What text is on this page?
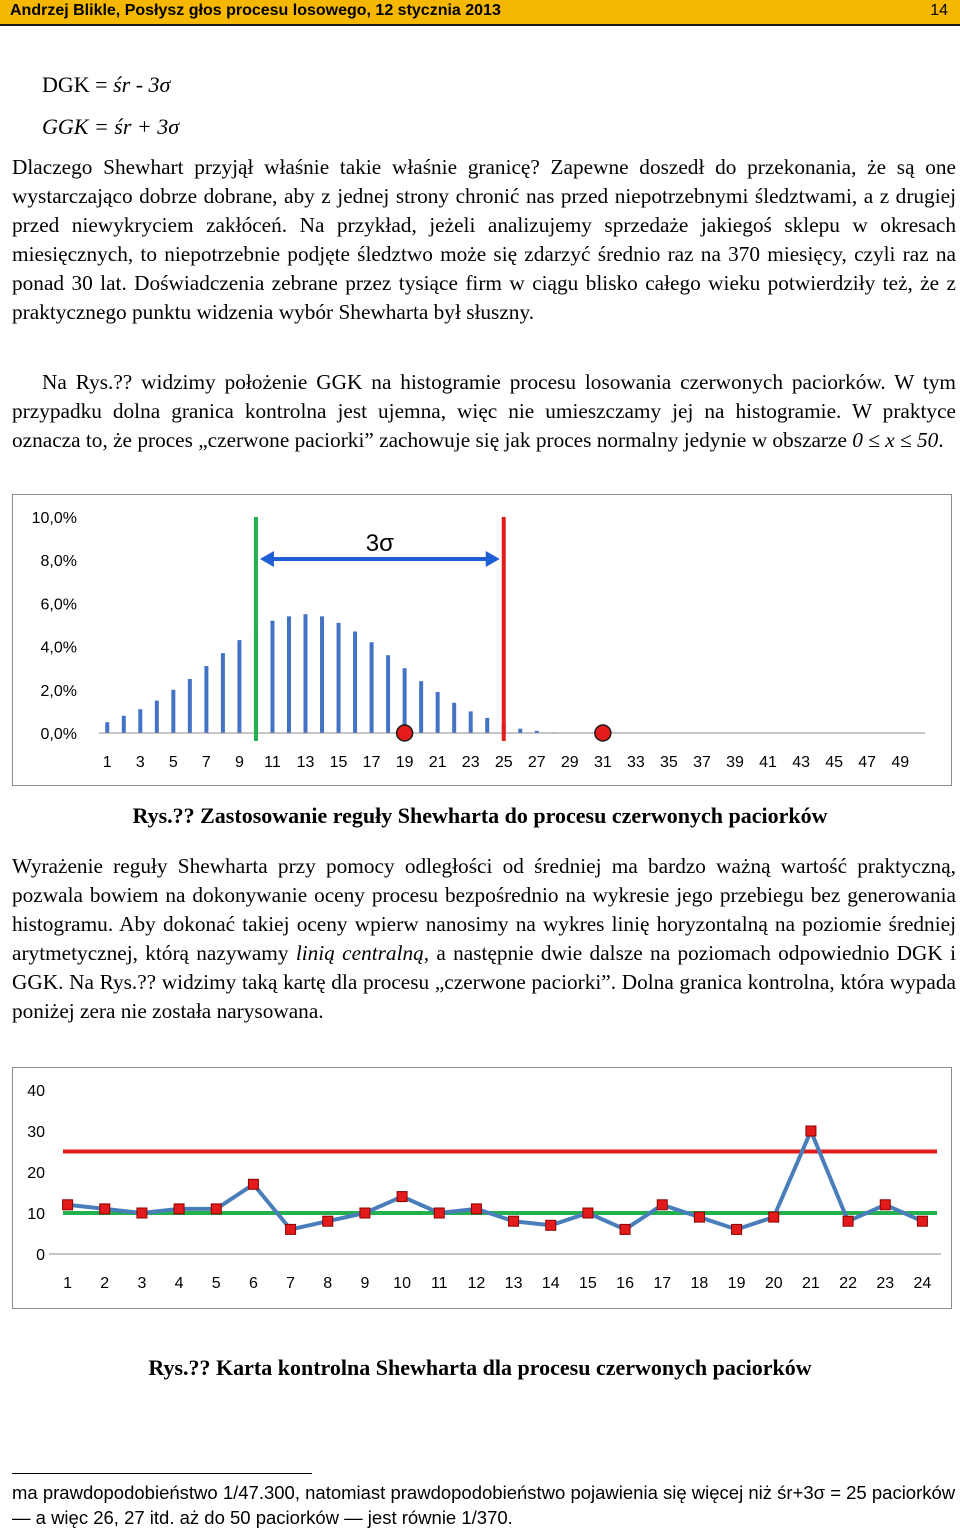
Andrzej Blikle, Posłysz głos procesu losowego, 12 stycznia 2013	14
DGK = śr - 3σ
GGK = śr + 3σ
Dlaczego Shewhart przyjął właśnie takie właśnie granicę? Zapewne doszedł do przekonania, że są one wystarczająco dobrze dobrane, aby z jednej strony chronić nas przed niepotrzebnymi śledztwami, a z drugiej przed niewykryciem zakłóceń. Na przykład, jeżeli analizujemy sprzedaże jakiegoś sklepu w okresach miesięcznych, to niepotrzebnie podjęte śledztwo może się zdarzyć średnio raz na 370 miesięcy, czyli raz na ponad 30 lat. Doświadczenia zebrane przez tysiące firm w ciągu blisko całego wieku potwierdziły też, że z praktycznego punktu widzenia wybór Shewharta był słuszny.
Na Rys.?? widzimy położenie GGK na histogramie procesu losowania czerwonych paciorków. W tym przypadku dolna granica kontrolna jest ujemna, więc nie umieszczamy jej na histogramie. W praktyce oznacza to, że proces „czerwone paciorki” zachowuje się jak proces normalny jedynie w obszarze 0 ≤ x ≤ 50.
10,0%
8,0%
6,0%
4,0%
2,0%
0,0%
1 3 5 7 9 11 13 15 17 19 21 23 25 27 29 31 33 35 37 39 41 43 45 47 49
3σ
Rys.?? Zastosowanie reguły Shewharta do procesu czerwonych paciorków
Wyrażenie reguły Shewharta przy pomocy odległości od średniej ma bardzo ważną wartość praktyczną, pozwala bowiem na dokonywanie oceny procesu bezpośrednio na wykresie jego przebiegu bez generowania histogramu. Aby dokonać takiej oceny wpierw nanosimy na wykres linię horyzontalną na poziomie średniej arytmetycznej, którą nazywamy linią centralną, a następnie dwie dalsze na poziomach odpowiednio DGK i GGK. Na Rys.?? widzimy taką kartę dla procesu „czerwone paciorki”. Dolna granica kontrolna, która wypada poniżej zera nie została narysowana.
40
30
20
10
0
1 2 3 4 5 6 7 8 9 10 11 12 13 14 15 16 17 18 19 20 21 22 23 24
Rys.?? Karta kontrolna Shewharta dla procesu czerwonych paciorków
ma prawdopodobieństwo 1/47.300, natomiast prawdopodobieństwo pojawienia się więcej niż śr+3σ = 25 paciorków — a więc 26, 27 itd. aż do 50 paciorków — jest równie 1/370.
